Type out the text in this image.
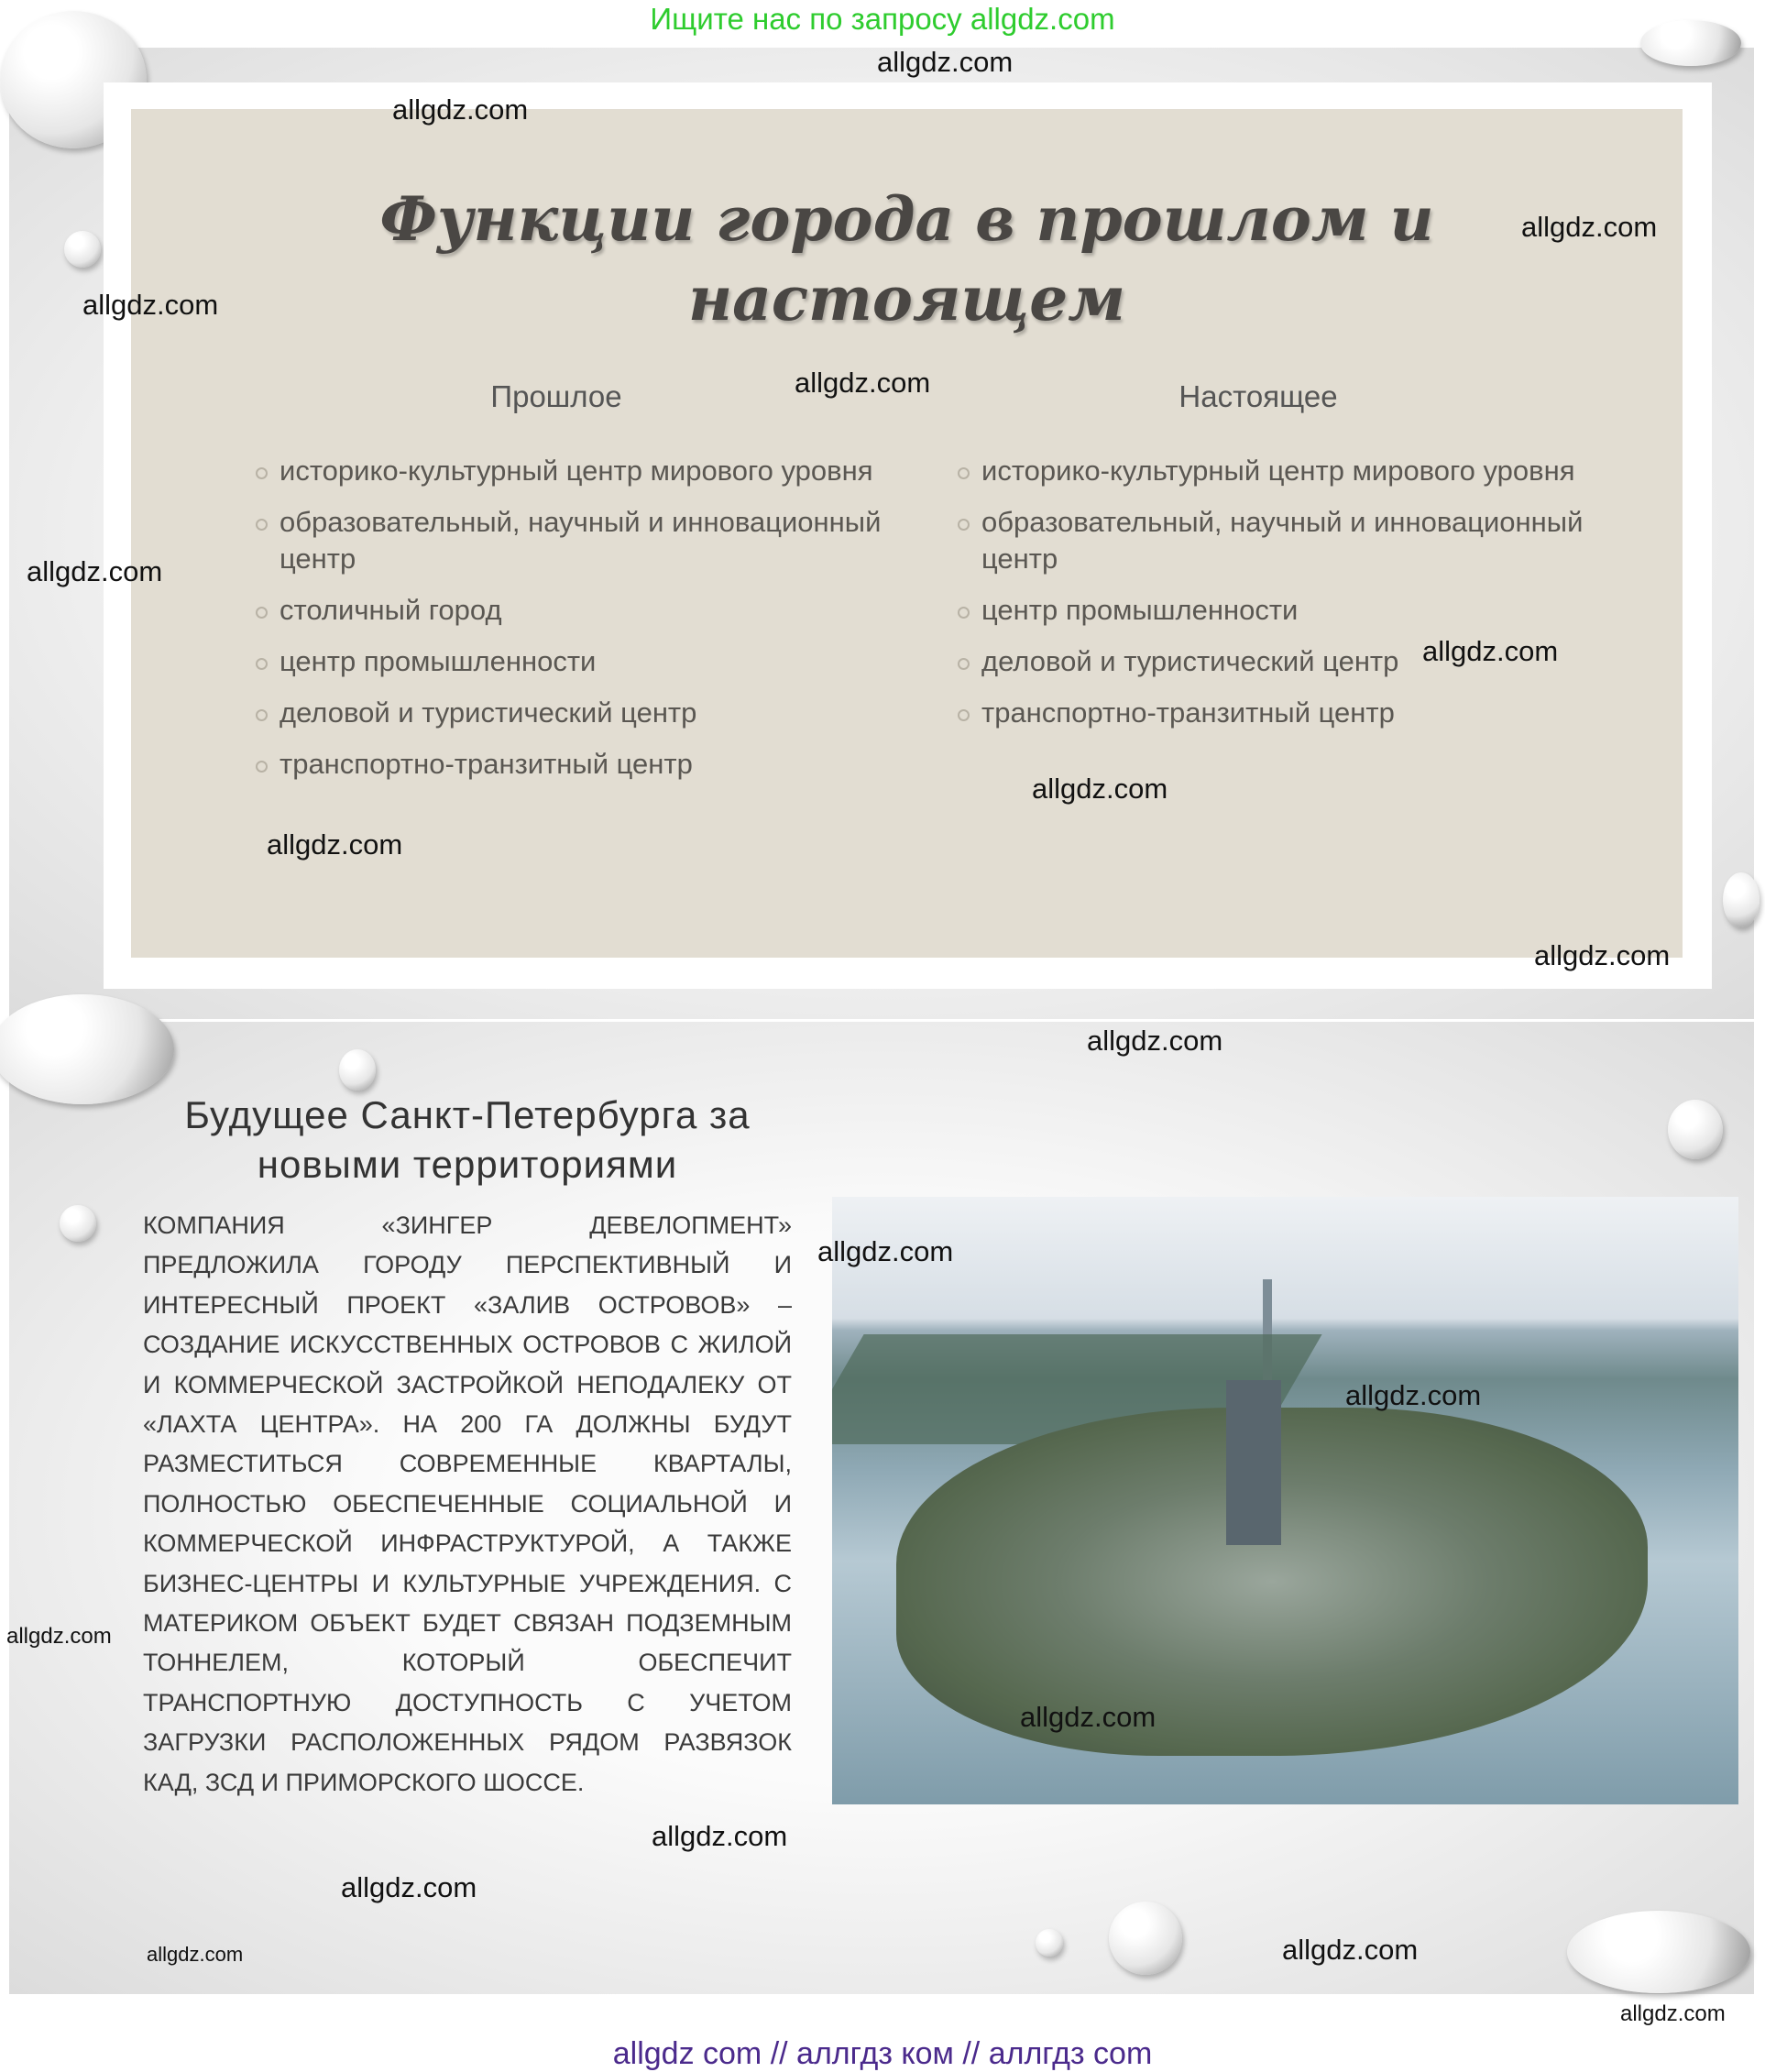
Ищите нас по запросу allgdz.com
Функции города в прошлом и
настоящем
Прошлое	Настоящее
историко-культурный центр мирового уровня
образовательный, научный и инновационный центр
столичный город
центр промышленности
деловой и туристический центр
транспортно-транзитный центр
историко-культурный центр мирового уровня
образовательный, научный и инновационный центр
центр промышленности
деловой и туристический центр
транспортно-транзитный центр
Будущее Санкт-Петербурга за
новыми территориями
КОМПАНИЯ «ЗИНГЕР ДЕВЕЛОПМЕНТ» ПРЕДЛОЖИЛА ГОРОДУ ПЕРСПЕКТИВНЫЙ И ИНТЕРЕСНЫЙ ПРОЕКТ «ЗАЛИВ ОСТРОВОВ» – СОЗДАНИЕ ИСКУССТВЕННЫХ ОСТРОВОВ С ЖИЛОЙ И КОММЕРЧЕСКОЙ ЗАСТРОЙКОЙ НЕПОДАЛЕКУ ОТ «ЛАХТА ЦЕНТРА». НА 200 ГА ДОЛЖНЫ БУДУТ РАЗМЕСТИТЬСЯ СОВРЕМЕННЫЕ КВАРТАЛЫ, ПОЛНОСТЬЮ ОБЕСПЕЧЕННЫЕ СОЦИАЛЬНОЙ И КОММЕРЧЕСКОЙ ИНФРАСТРУКТУРОЙ, А ТАКЖЕ БИЗНЕС-ЦЕНТРЫ И КУЛЬТУРНЫЕ УЧРЕЖДЕНИЯ. С МАТЕРИКОМ ОБЪЕКТ БУДЕТ СВЯЗАН ПОДЗЕМНЫМ ТОННЕЛЕМ, КОТОРЫЙ ОБЕСПЕЧИТ ТРАНСПОРТНУЮ ДОСТУПНОСТЬ С УЧЕТОМ ЗАГРУЗКИ РАСПОЛОЖЕННЫХ РЯДОМ РАЗВЯЗОК КАД, ЗСД И ПРИМОРСКОГО ШОССЕ.
allgdz.com
allgdz.com
allgdz.com
allgdz.com
allgdz.com
allgdz.com
allgdz.com
allgdz.com
allgdz.com
allgdz.com
allgdz.com
allgdz.com
allgdz.com
allgdz.com
allgdz.com
allgdz.com
allgdz.com
allgdz.com
allgdz.com
allgdz.com
allgdz com // аллгдз ком // аллгдз com
